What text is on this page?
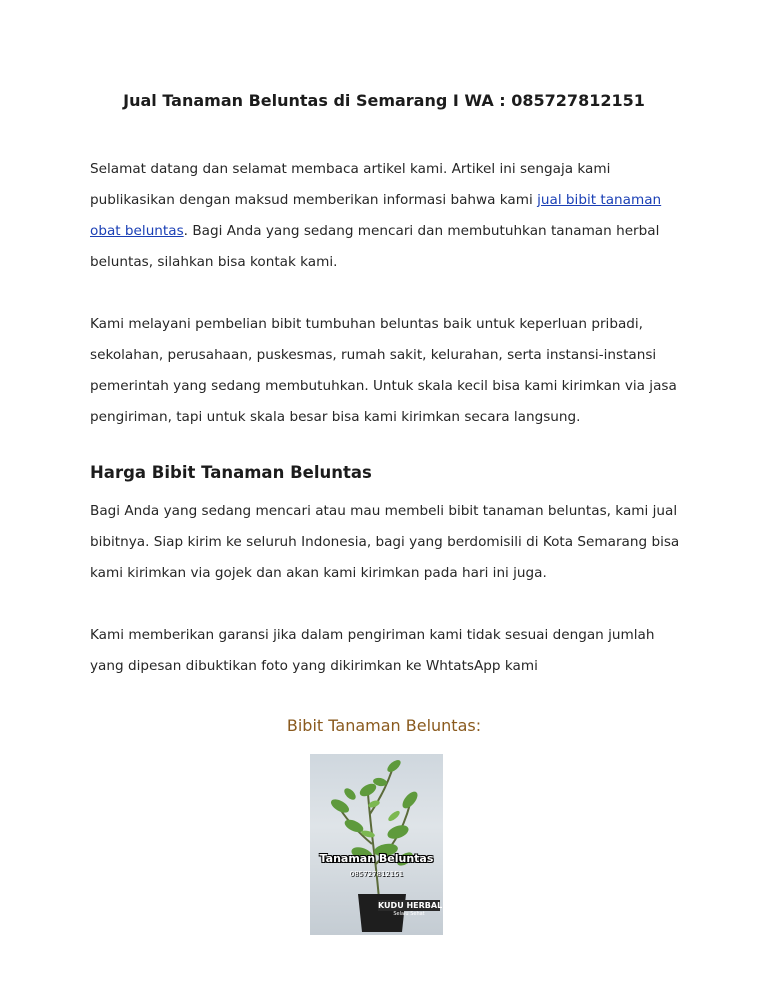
Jual Tanaman Beluntas di Semarang I WA : 085727812151
Selamat datang dan selamat membaca artikel kami. Artikel ini sengaja kami publikasikan dengan maksud memberikan informasi bahwa kami jual bibit tanaman obat beluntas. Bagi Anda yang sedang mencari dan membutuhkan tanaman herbal beluntas, silahkan bisa kontak kami.
Kami melayani pembelian bibit tumbuhan beluntas baik untuk keperluan pribadi, sekolahan, perusahaan, puskesmas, rumah sakit, kelurahan, serta instansi-instansi pemerintah yang sedang membutuhkan. Untuk skala kecil bisa kami kirimkan via jasa pengiriman, tapi untuk skala besar bisa kami kirimkan secara langsung.
Harga Bibit Tanaman Beluntas
Bagi Anda yang sedang mencari atau mau membeli bibit tanaman beluntas, kami jual bibitnya. Siap kirim ke seluruh Indonesia, bagi yang berdomisili di Kota Semarang bisa kami kirimkan via gojek dan akan kami kirimkan pada hari ini juga.
Kami memberikan garansi jika dalam pengiriman kami tidak sesuai dengan jumlah yang dipesan dibuktikan foto yang dikirimkan ke WhtatsApp kami
Bibit Tanaman Beluntas:
Tanaman Beluntas
085727812151
KUDU HERBAL
Selalu Sehat
